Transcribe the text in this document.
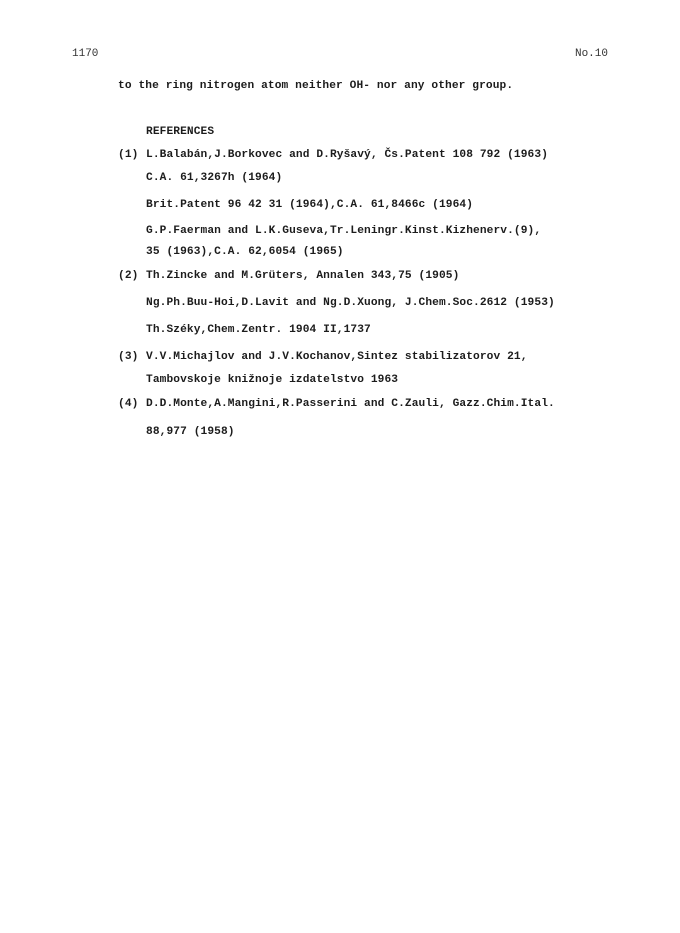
1170	No.10
to the ring nitrogen atom neither OH- nor any other group.
REFERENCES
(1) L.Balabán,J.Borkovec and D.Ryšavý, Čs.Patent 108 792 (1963)
C.A. 61,3267h (1964)
Brit.Patent 96 42 31 (1964),C.A. 61,8466c (1964)
G.P.Faerman and L.K.Guseva,Tr.Leningr.Kinst.Kizhenerv.(9),
35 (1963),C.A. 62,6054 (1965)
(2) Th.Zincke and M.Grüters, Annalen 343,75 (1905)
Ng.Ph.Buu-Hoi,D.Lavit and Ng.D.Xuong, J.Chem.Soc.2612 (1953)
Th.Széky,Chem.Zentr. 1904 II,1737
(3) V.V.Michajlov and J.V.Kochanov,Sintez stabilizatorov 21,
Tambovskoje knižnoje izdatelstvo 1963
(4) D.D.Monte,A.Mangini,R.Passerini and C.Zauli, Gazz.Chim.Ital.
88,977 (1958)
